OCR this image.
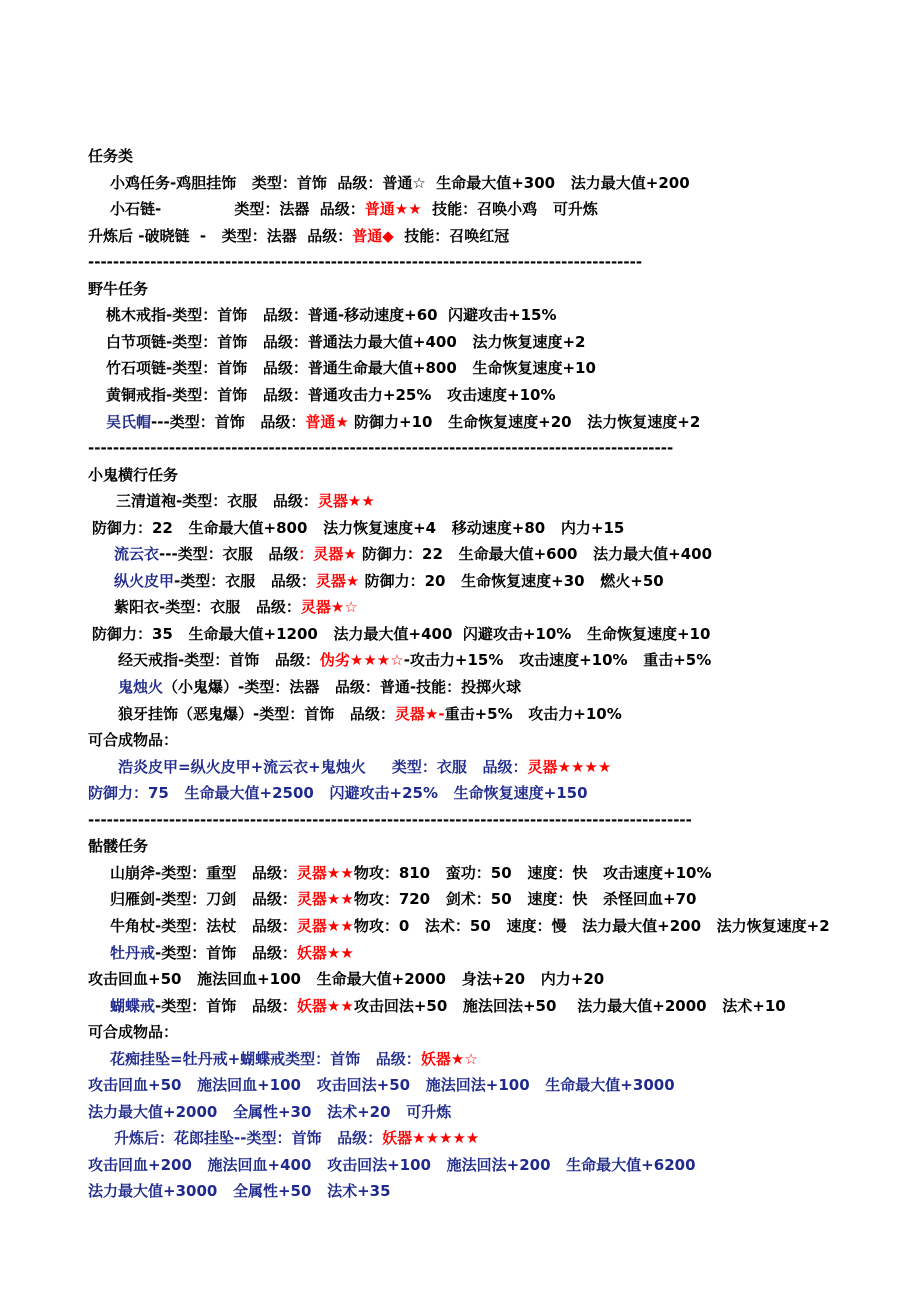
任务类
小鸡任务-鸡胆挂饰   类型：首饰  品级：普通☆  生命最大值+300   法力最大值+200
小石链-              类型：法器  品级：普通★★  技能：召唤小鸡   可升炼
升炼后 -破晓链  -   类型：法器  品级：普通◆  技能：召唤红冠
-----------------------------------------------------------------------------------------
野牛任务
桃木戒指-类型：首饰   品级：普通-移动速度+60  闪避攻击+15%
白节项链-类型：首饰   品级：普通法力最大值+400   法力恢复速度+2
竹石项链-类型：首饰   品级：普通生命最大值+800   生命恢复速度+10
黄铜戒指-类型：首饰   品级：普通攻击力+25%   攻击速度+10%
吴氏帽---类型：首饰   品级：普通★ 防御力+10   生命恢复速度+20   法力恢复速度+2
----------------------------------------------------------------------------------------------
小鬼横行任务
三清道袍-类型：衣服   品级：灵器★★
防御力：22   生命最大值+800   法力恢复速度+4   移动速度+80   内力+15
流云衣---类型：衣服   品级：灵器★ 防御力：22   生命最大值+600   法力最大值+400
纵火皮甲-类型：衣服   品级：灵器★ 防御力：20   生命恢复速度+30   燃火+50
紫阳衣-类型：衣服   品级：灵器★☆
防御力：35   生命最大值+1200   法力最大值+400  闪避攻击+10%   生命恢复速度+10
经天戒指-类型：首饰   品级：伪劣★★★☆-攻击力+15%   攻击速度+10%   重击+5%
鬼烛火（小鬼爆）-类型：法器   品级：普通-技能：投掷火球
狼牙挂饰（恶鬼爆）-类型：首饰   品级：灵器★-重击+5%   攻击力+10%
可合成物品：
浩炎皮甲=纵火皮甲+流云衣+鬼烛火 类型：衣服   品级：灵器★★★★
防御力：75   生命最大值+2500   闪避攻击+25%   生命恢复速度+150
-------------------------------------------------------------------------------------------------
骷髅任务
山崩斧-类型：重型   品级：灵器★★物攻：810   蛮功：50   速度：快   攻击速度+10%
归雁剑-类型：刀剑   品级：灵器★★物攻：720   剑术：50   速度：快   杀怪回血+70
牛角杖-类型：法杖   品级：灵器★★物攻：0   法术：50   速度：慢   法力最大值+200   法力恢复速度+2
牡丹戒-类型：首饰   品级：妖器★★
攻击回血+50   施法回血+100   生命最大值+2000   身法+20   内力+20
蝴蝶戒-类型：首饰   品级：妖器★★攻击回法+50   施法回法+50    法力最大值+2000   法术+10
可合成物品：
花痴挂坠=牡丹戒+蝴蝶戒类型：首饰   品级：妖器★☆
攻击回血+50   施法回血+100   攻击回法+50   施法回法+100   生命最大值+3000
法力最大值+2000   全属性+30   法术+20   可升炼
升炼后：花郎挂坠--类型：首饰   品级：妖器★★★★★
攻击回血+200   施法回血+400   攻击回法+100   施法回法+200   生命最大值+6200
法力最大值+3000   全属性+50   法术+35
